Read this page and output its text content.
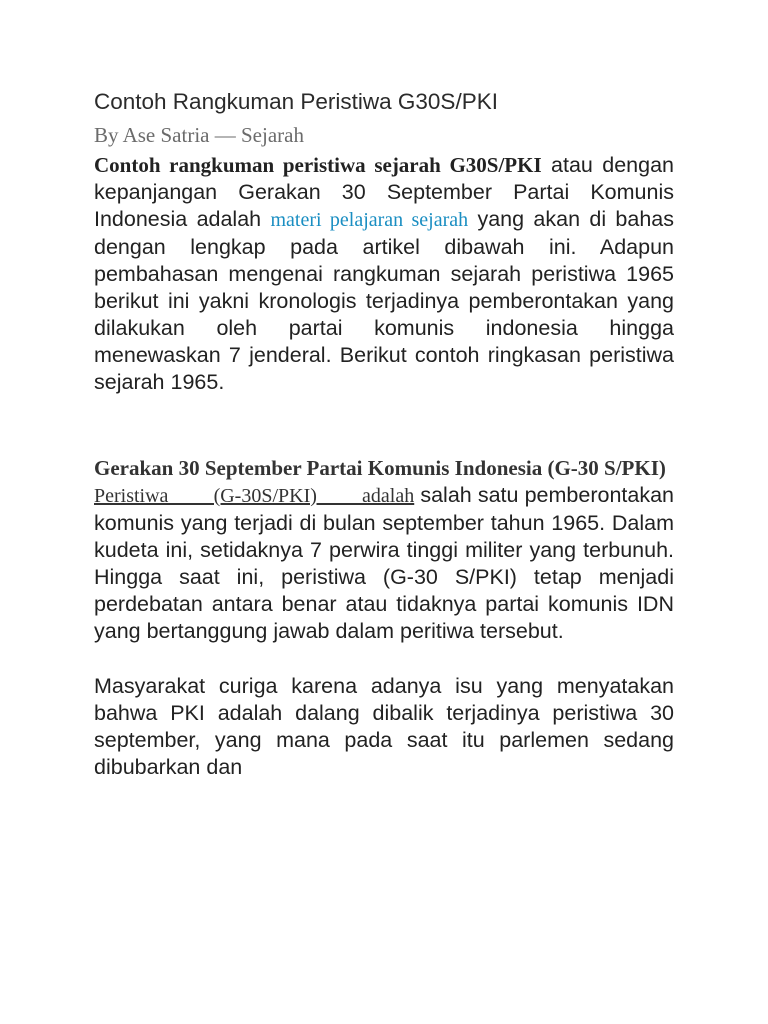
Contoh Rangkuman Peristiwa G30S/PKI
By Ase Satria — Sejarah

Contoh rangkuman peristiwa sejarah G30S/PKI atau dengan kepanjangan Gerakan 30 September Partai Komunis Indonesia adalah materi pelajaran sejarah yang akan di bahas dengan lengkap pada artikel dibawah ini. Adapun pembahasan mengenai rangkuman sejarah peristiwa 1965 berikut ini yakni kronologis terjadinya pemberontakan yang dilakukan oleh partai komunis indonesia hingga menewaskan 7 jenderal. Berikut contoh ringkasan peristiwa sejarah 1965.

Gerakan 30 September Partai Komunis Indonesia (G-30 S/PKI)

Peristiwa (G-30S/PKI) adalah salah satu pemberontakan komunis yang terjadi di bulan september tahun 1965. Dalam kudeta ini, setidaknya 7 perwira tinggi militer yang terbunuh. Hingga saat ini, peristiwa (G-30 S/PKI) tetap menjadi perdebatan antara benar atau tidaknya partai komunis IDN yang bertanggung jawab dalam peritiwa tersebut.

Masyarakat curiga karena adanya isu yang menyatakan bahwa PKI adalah dalang dibalik terjadinya peristiwa 30 september, yang mana pada saat itu parlemen sedang dibubarkan dan
